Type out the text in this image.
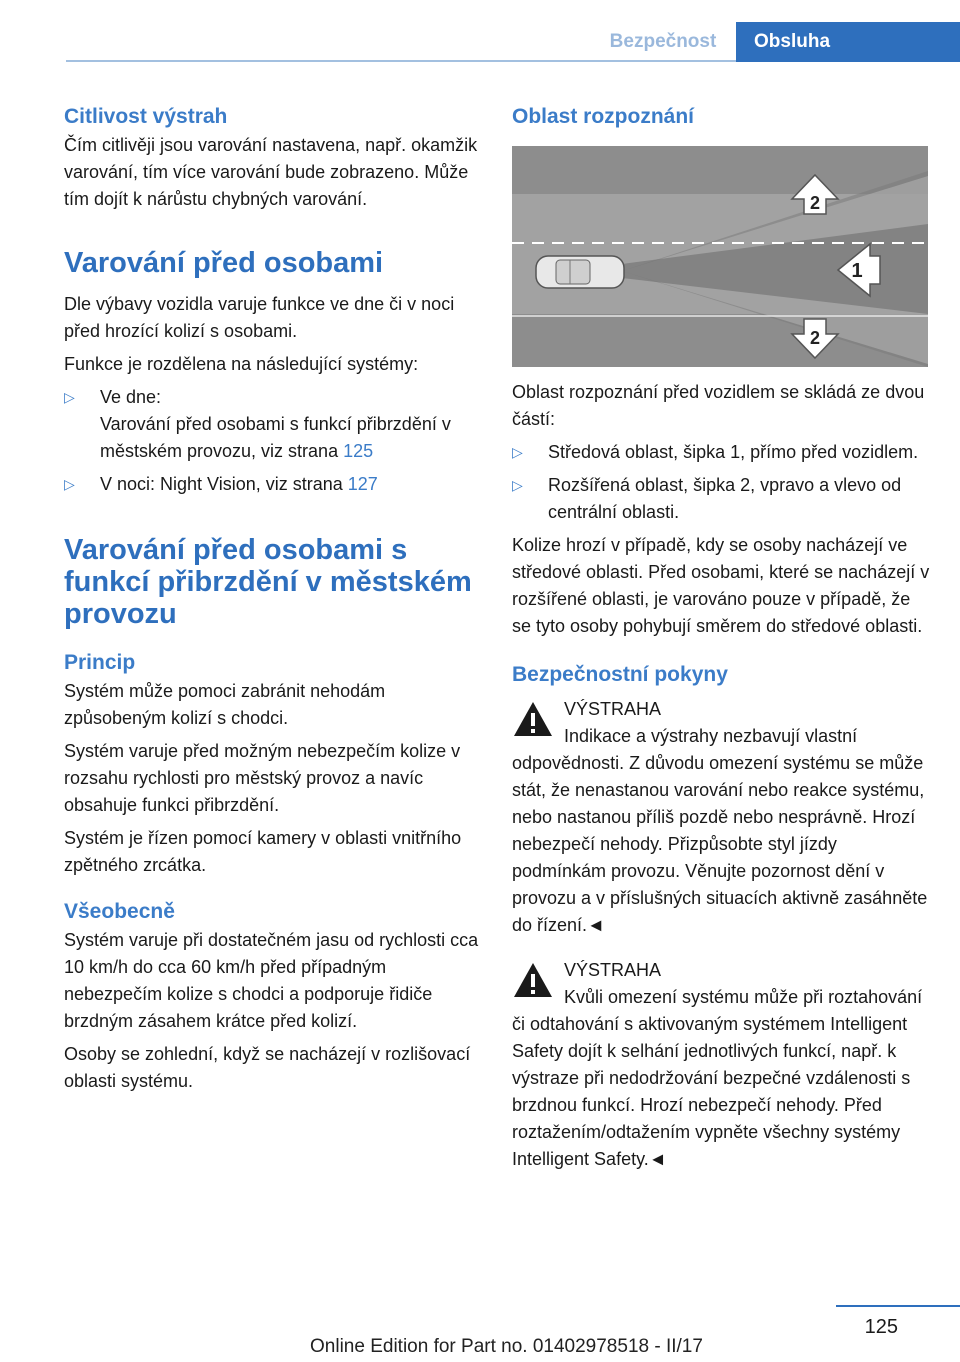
Bezpečnost	Obsluha
Citlivost výstrah

Čím citlivěji jsou varování nastavena, např. okamžik varování, tím více varování bude zobrazeno. Může tím dojít k nárůstu chybných varování.

Varování před osobami

Dle výbavy vozidla varuje funkce ve dne či v noci před hrozící kolizí s osobami.

Funkce je rozdělena na následující systémy:

▷	Ve dne:
Varování před osobami s funkcí přibrzdění v městském provozu, viz strana 125
▷	V noci: Night Vision, viz strana 127
Varování před osobami s funkcí přibrzdění v městském provozu
Princip

Systém může pomoci zabránit nehodám způsobeným kolizí s chodci.

Systém varuje před možným nebezpečím kolize v rozsahu rychlosti pro městský provoz a navíc obsahuje funkci přibrzdění.

Systém je řízen pomocí kamery v oblasti vnitřního zpětného zrcátka.

Všeobecně

Systém varuje při dostatečném jasu od rychlosti cca 10 km/h do cca 60 km/h před případným nebezpečím kolize s chodci a podporuje řidiče brzdným zásahem krátce před kolizí.

Osoby se zohlední, když se nacházejí v rozlišovací oblasti systému.

Oblast rozpoznání
1
2
2

Oblast rozpoznání před vozidlem se skládá ze dvou částí:

▷	Středová oblast, šipka 1, přímo před vozidlem.
▷	Rozšířená oblast, šipka 2, vpravo a vlevo od centrální oblasti.

Kolize hrozí v případě, kdy se osoby nacházejí ve středové oblasti. Před osobami, které se nacházejí v rozšířené oblasti, je varováno pouze v případě, že se tyto osoby pohybují směrem do středové oblasti.

Bezpečnostní pokyny
VÝSTRAHA
Indikace a výstrahy nezbavují vlastní odpovědnosti. Z důvodu omezení systému se může stát, že nenastanou varování nebo reakce systému, nebo nastanou příliš pozdě nebo nesprávně. Hrozí nebezpečí nehody. Přizpůsobte styl jízdy podmínkám provozu. Věnujte pozornost dění v provozu a v příslušných situacích aktivně zasáhněte do řízení.◄
VÝSTRAHA
Kvůli omezení systému může při roztahování či odtahování s aktivovaným systémem Intelligent Safety dojít k selhání jednotlivých funkcí, např. k výstraze při nedodržování bezpečné vzdálenosti s brzdnou funkcí. Hrozí nebezpečí nehody. Před roztažením/odtažením vypněte všechny systémy Intelligent Safety.◄
125
Online Edition for Part no. 01402978518 - II/17
